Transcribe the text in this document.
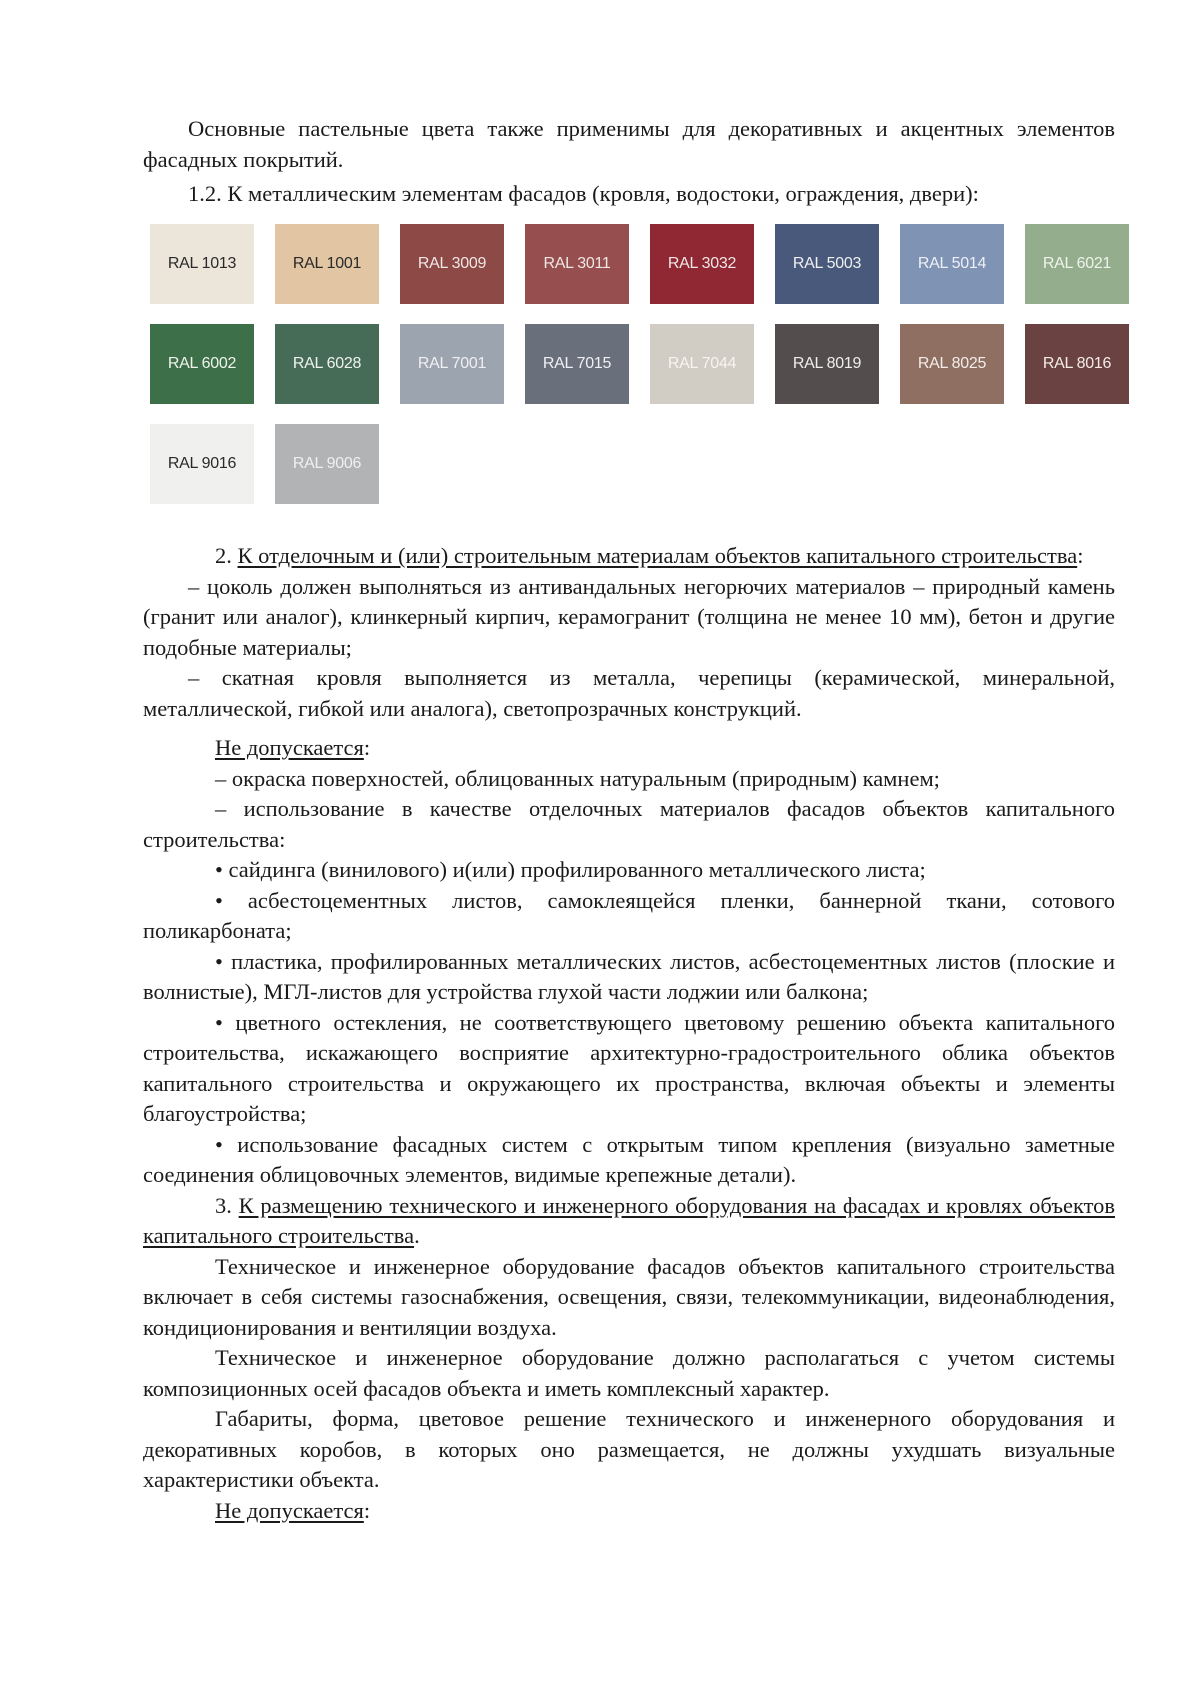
Основные пастельные цвета также применимы для декоративных и акцентных элементов фасадных покрытий.

1.2. К металлическим элементам фасадов (кровля, водостоки, ограждения, двери):

RAL 1013	RAL 1001	RAL 3009	RAL 3011	RAL 3032	RAL 5003	RAL 5014	RAL 6021
RAL 6002	RAL 6028	RAL 7001	RAL 7015	RAL 7044	RAL 8019	RAL 8025	RAL 8016
RAL 9016	RAL 9006

2. К отделочным и (или) строительным материалам объектов капитального строительства:

– цоколь должен выполняться из антивандальных негорючих материалов – природный камень (гранит или аналог), клинкерный кирпич, керамогранит (толщина не менее 10 мм), бетон и другие подобные материалы;

– скатная кровля выполняется из металла, черепицы (керамической, минеральной, металлической, гибкой или аналога), светопрозрачных конструкций.

Не допускается:

– окраска поверхностей, облицованных натуральным (природным) камнем;

– использование в качестве отделочных материалов фасадов объектов капитального строительства:

• сайдинга (винилового) и(или) профилированного металлического листа;

• асбестоцементных листов, самоклеящейся пленки, баннерной ткани, сотового поликарбоната;

• пластика, профилированных металлических листов, асбестоцементных листов (плоские и волнистые), МГЛ-листов для устройства глухой части лоджии или балкона;

• цветного остекления, не соответствующего цветовому решению объекта капитального строительства, искажающего восприятие архитектурно-градостроительного облика объектов капитального строительства и окружающего их пространства, включая объекты и элементы благоустройства;

• использование фасадных систем с открытым типом крепления (визуально заметные соединения облицовочных элементов, видимые крепежные детали).

3. К размещению технического и инженерного оборудования на фасадах и кровлях объектов капитального строительства.

Техническое и инженерное оборудование фасадов объектов капитального строительства включает в себя системы газоснабжения, освещения, связи, телекоммуникации, видеонаблюдения, кондиционирования и вентиляции воздуха.

Техническое и инженерное оборудование должно располагаться с учетом системы композиционных осей фасадов объекта и иметь комплексный характер.

Габариты, форма, цветовое решение технического и инженерного оборудования и декоративных коробов, в которых оно размещается, не должны ухудшать визуальные характеристики объекта.

Не допускается:
